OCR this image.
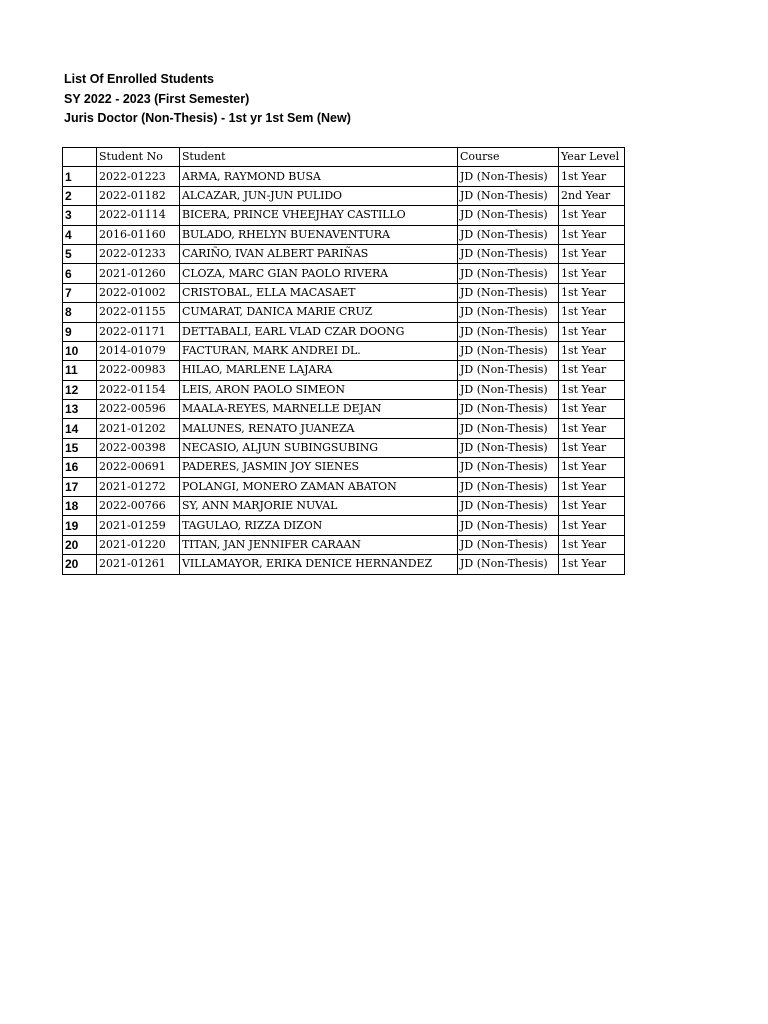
List Of Enrolled Students
SY 2022 - 2023 (First Semester)
Juris Doctor (Non-Thesis) - 1st yr 1st Sem (New)
	Student No	Student	Course	Year Level
1	2022-01223	ARMA, RAYMOND BUSA	JD (Non-Thesis)	1st Year
2	2022-01182	ALCAZAR, JUN-JUN PULIDO	JD (Non-Thesis)	2nd Year
3	2022-01114	BICERA, PRINCE VHEEJHAY CASTILLO	JD (Non-Thesis)	1st Year
4	2016-01160	BULADO, RHELYN BUENAVENTURA	JD (Non-Thesis)	1st Year
5	2022-01233	CARIÑO, IVAN ALBERT PARIÑAS	JD (Non-Thesis)	1st Year
6	2021-01260	CLOZA, MARC GIAN PAOLO RIVERA	JD (Non-Thesis)	1st Year
7	2022-01002	CRISTOBAL, ELLA MACASAET	JD (Non-Thesis)	1st Year
8	2022-01155	CUMARAT, DANICA MARIE CRUZ	JD (Non-Thesis)	1st Year
9	2022-01171	DETTABALI, EARL VLAD CZAR DOONG	JD (Non-Thesis)	1st Year
10	2014-01079	FACTURAN, MARK ANDREI DL.	JD (Non-Thesis)	1st Year
11	2022-00983	HILAO, MARLENE LAJARA	JD (Non-Thesis)	1st Year
12	2022-01154	LEIS, ARON PAOLO SIMEON	JD (Non-Thesis)	1st Year
13	2022-00596	MAALA-REYES, MARNELLE DEJAN	JD (Non-Thesis)	1st Year
14	2021-01202	MALUNES, RENATO JUANEZA	JD (Non-Thesis)	1st Year
15	2022-00398	NECASIO, ALJUN SUBINGSUBING	JD (Non-Thesis)	1st Year
16	2022-00691	PADERES, JASMIN JOY SIENES	JD (Non-Thesis)	1st Year
17	2021-01272	POLANGI, MONERO ZAMAN ABATON	JD (Non-Thesis)	1st Year
18	2022-00766	SY, ANN MARJORIE NUVAL	JD (Non-Thesis)	1st Year
19	2021-01259	TAGULAO, RIZZA DIZON	JD (Non-Thesis)	1st Year
20	2021-01220	TITAN, JAN JENNIFER CARAAN	JD (Non-Thesis)	1st Year
20	2021-01261	VILLAMAYOR, ERIKA DENICE HERNANDEZ	JD (Non-Thesis)	1st Year
